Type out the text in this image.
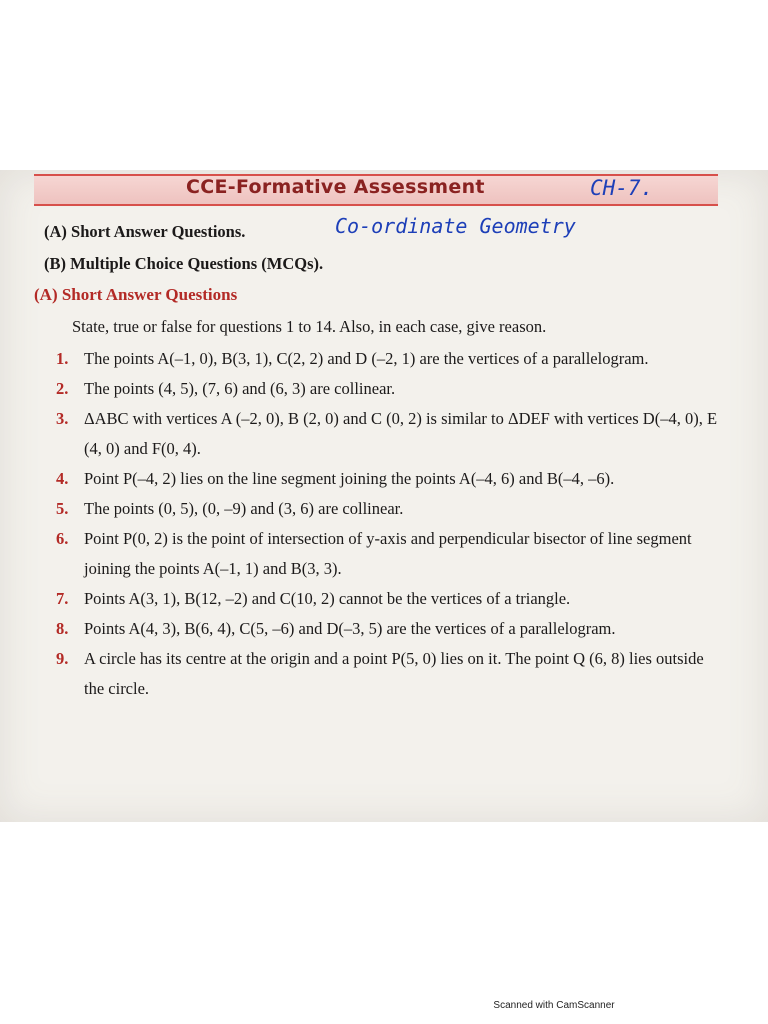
CCE-Formative Assessment	CH-7.
(A) Short Answer Questions.	Co-ordinate Geometry
(B) Multiple Choice Questions (MCQs).
(A) Short Answer Questions
State, true or false for questions 1 to 14. Also, in each case, give reason.
1. The points A(–1, 0), B(3, 1), C(2, 2) and D (–2, 1) are the vertices of a parallelogram.
2. The points (4, 5), (7, 6) and (6, 3) are collinear.
3. ΔABC with vertices A (–2, 0), B (2, 0) and C (0, 2) is similar to ΔDEF with vertices D(–4, 0), E (4, 0) and F(0, 4).
4. Point P(–4, 2) lies on the line segment joining the points A(–4, 6) and B(–4, –6).
5. The points (0, 5), (0, –9) and (3, 6) are collinear.
6. Point P(0, 2) is the point of intersection of y-axis and perpendicular bisector of line segment joining the points A(–1, 1) and B(3, 3).
7. Points A(3, 1), B(12, –2) and C(10, 2) cannot be the vertices of a triangle.
8. Points A(4, 3), B(6, 4), C(5, –6) and D(–3, 5) are the vertices of a parallelogram.
9. A circle has its centre at the origin and a point P(5, 0) lies on it. The point Q (6, 8) lies outside the circle.
Scanned with CamScanner
